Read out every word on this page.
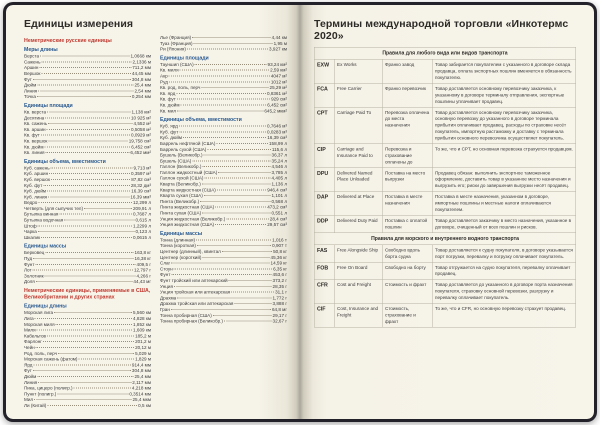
Единицы измерения
Неметрические русские единицы
Меры длины
Верста	1,0668 км
Сажень	2,1336 м
Аршин	711,2 мм
Вершок	44,45 мм
Фут	304,8 мм
Дюйм	25,4 мм
Линия	2,54 мм
Точка	0,254 мм
Единицы площади
Кв. верста	1,138 км²
Десятина	10 925 м²
Кв. сажень	4,552 м²
Кв. аршин	0,5058 м²
Кв. фут	0,0929 м²
Кв. вершок	19,758 см²
Кв. дюйм	6,452 см²
Кв. линия	6,452 мм²
Единицы объема, вместимости
Куб. сажень	9,713 м³
Куб. аршин	0,3597 м³
Куб. вершок	87,82 см³
Куб. фут	28,32 дм³
Куб. дюйм	16,39 см³
Куб. линия	16,39 мм³
Ведро	12,299 л
Четверть (для сыпучих тел)	209,91 л
Бутылка винная	0,7687 л
Бутылка водочная	0,615 л
Штоф	1,2299 л
Чарка	0,123 л
Шкалик	0,0615 л
Единицы массы
Берковец	163,8 кг
Пуд	16,38 кг
Фунт	409,5 г
Лот	12,797 г
Золотник	4,266 г
Доля	44,43 мг
Неметрические единицы, применяемые в США, Великобритании и других странах
Единицы длины
Морская лига	5,560 км
Лига	4,828 км
Морская миля	1,852 км
Миля	1,609 км
Кабельтов	185,2 м
Фарлонг	201,2 м
Чейн	20,12 м
Род, поль, перч	5,029 м
Морская сажень (фатом)	1,829 м
Ярд	914,4 мм
Фут	304,8 мм
Дюйм	25,4 мм
Линия	2,117 мм
Пика, цицеро (полигр.)	4,218 мм
Пункт (полигр.)	0,3514 мм
Мил	25,4 мкм
Ли (Китай)	0,5 км
Лье (Франция)	4,44 км
Туаз (Франция)	1,95 м
Ри (Япония)	3,927 км
Единицы площади
Тауншип (США)	93,24 км²
Кв. миля	2,59 км²
Акр	4047 м²
Руд	1012 м²
Кв. род, поль, перч	25,29 м²
Кв. ярд	0,8361 м²
Кв. фут	929 см²
Кв. дюйм	6,452 см²
Кв. мил	645,2 мкм²
Единицы объема, вместимости
Куб. ярд	0,7646 м³
Куб. фут	0,0283 м³
Куб. дюйм	16,39 см³
Баррель нефтяной (США)	158,99 л
Баррель сухой (США)	115,6 л
Бушель (Великобр.)	36,37 л
Бушель (США)	35,24 л
Галлон (Великобр.)	4,546 л
Галлон жидкостный (США)	3,785 л
Галлон сухой (США)	4,405 л
Кварта (Великобр.)	1,136 л
Кварта жидкостная (США)	946,4 см³
Кварта сухая (США)	1,101 л
Пинта (Великобр.)	0,568 л
Пинта жидкостная (США)	473,2 см³
Пинта сухая (США)	0,551 л
Унция жидкостная (Великобр.)	28,4 см³
Унция жидкостная (США)	29,57 см³
Единицы массы
Тонна (длинная)	1,016 т
Тонна (короткая)	0,907 т
Центнер (длинный), квинтал	50,8 кг
Центнер (короткий)	45,36 кг
Слаг	14,59 кг
Стоун	6,35 кг
Фунт	453,6 г
Фунт тройский или аптекарский	373,2 г
Унция	28,35 г
Унция тройская или аптекарская	31,1 г
Драхма	1,772 г
Драхма тройская или аптекарская	3,888 г
Гран	64,8 мг
Тонна пробирная (США)	29,17 г
Тонна пробирная (Великобр.)	32,67 г
Термины международной торговли «Инкотермс 2020»
Правила для любого вида или видов транспорта			
EXW	Ex Works	Франко завод	Товар забирается покупателем с указанного в договоре склада продавца, оплата экспортных пошлин вменяется в обязанность покупателю.
FCA	Free Carrier	Франко перевозчик	Товар доставляется основному перевозчику заказчика, к указанному в договоре терминалу отправления, экспортные пошлины уплачивает продавец.
CPT	Carriage Paid To	Перевозка оплачена до места назначения	Товар доставляется основному перевозчику заказчика, основную перевозку до указанного в договоре терминала прибытия оплачивает продавец, расходы по страховке несёт покупатель, импортную растаможку и доставку с терминала прибытия основного перевозчика осуществляет покупатель.
CIP	Carriage and Insurance Paid to	Перевозка и страхование оплачены до	То же, что и CPT, но основная перевозка страхуется продавцом.
DPU	Delivered Named Place Unloaded	Поставка на место выгрузки	Продавец обязан: выполнить экспортное таможенное оформление, доставить товар в указанное место назначения и выгрузить его; риски до завершения выгрузки несёт продавец.
DAP	Delivered at Place	Поставка в месте назначения	Поставка в месте назначения, указанном в договоре, импортные пошлины и местные налоги оплачиваются покупателем.
DDP	Delivered Duty Paid	Поставка с оплатой пошлин	Товар доставляется заказчику в место назначения, указанное в договоре, очищенный от всех пошлин и рисков.
Правила для морского и внутреннего водного транспорта			
FAS	Free Alongside Ship	Свободно вдоль борта судна	Товар доставляется к судну покупателя, в договоре указывается порт погрузки, перевалку и погрузку оплачивает покупатель.
FOB	Free On Board	Свободно на борту	Товар отгружается на судно покупателя, перевалку оплачивает продавец.
CFR	Cost and Freight	Стоимость и фрахт	Товар доставляется до указанного в договоре порта назначения покупателя, страховку основной перевозки, разгрузку и перевалку оплачивает покупатель.
CIF	Cost, Insurance and Freight	Стоимость, страхование и фрахт	То же, что и CFR, но основную перевозку страхует продавец.
